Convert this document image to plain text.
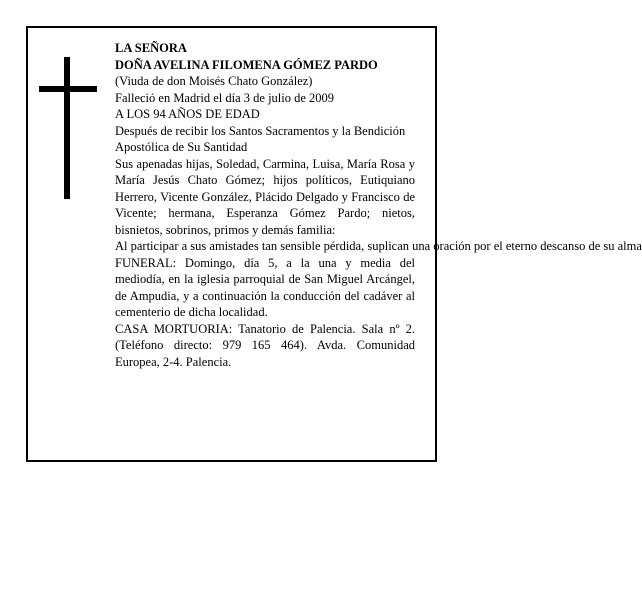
LA SEÑORA

DOÑA AVELINA FILOMENA GÓMEZ PARDO

(Viuda de don Moisés Chato González)

Falleció en Madrid el día 3 de julio de 2009

A LOS 94 AÑOS DE EDAD

Después de recibir los Santos Sacramentos y la Bendición Apostólica de Su Santidad

Sus apenadas hijas, Soledad, Carmina, Luisa, María Rosa y María Jesús Chato Gómez; hijos políticos, Eutiquiano Herrero, Vicente González, Plácido Delgado y Francisco de Vicente; hermana, Esperanza Gómez Pardo; nietos, bisnietos, sobrinos, primos y demás familia:

Al participar a sus amistades tan sensible pérdida, suplican una oración por el eterno descanso de su alma

FUNERAL: Domingo, día 5, a la una y media del mediodía, en la iglesia parroquial de San Miguel Arcángel, de Ampudia, y a continuación la conducción del cadáver al cementerio de dicha localidad.

CASA MORTUORIA: Tanatorio de Palencia. Sala nº 2. (Teléfono directo: 979 165 464). Avda. Comunidad Europea, 2-4. Palencia.
